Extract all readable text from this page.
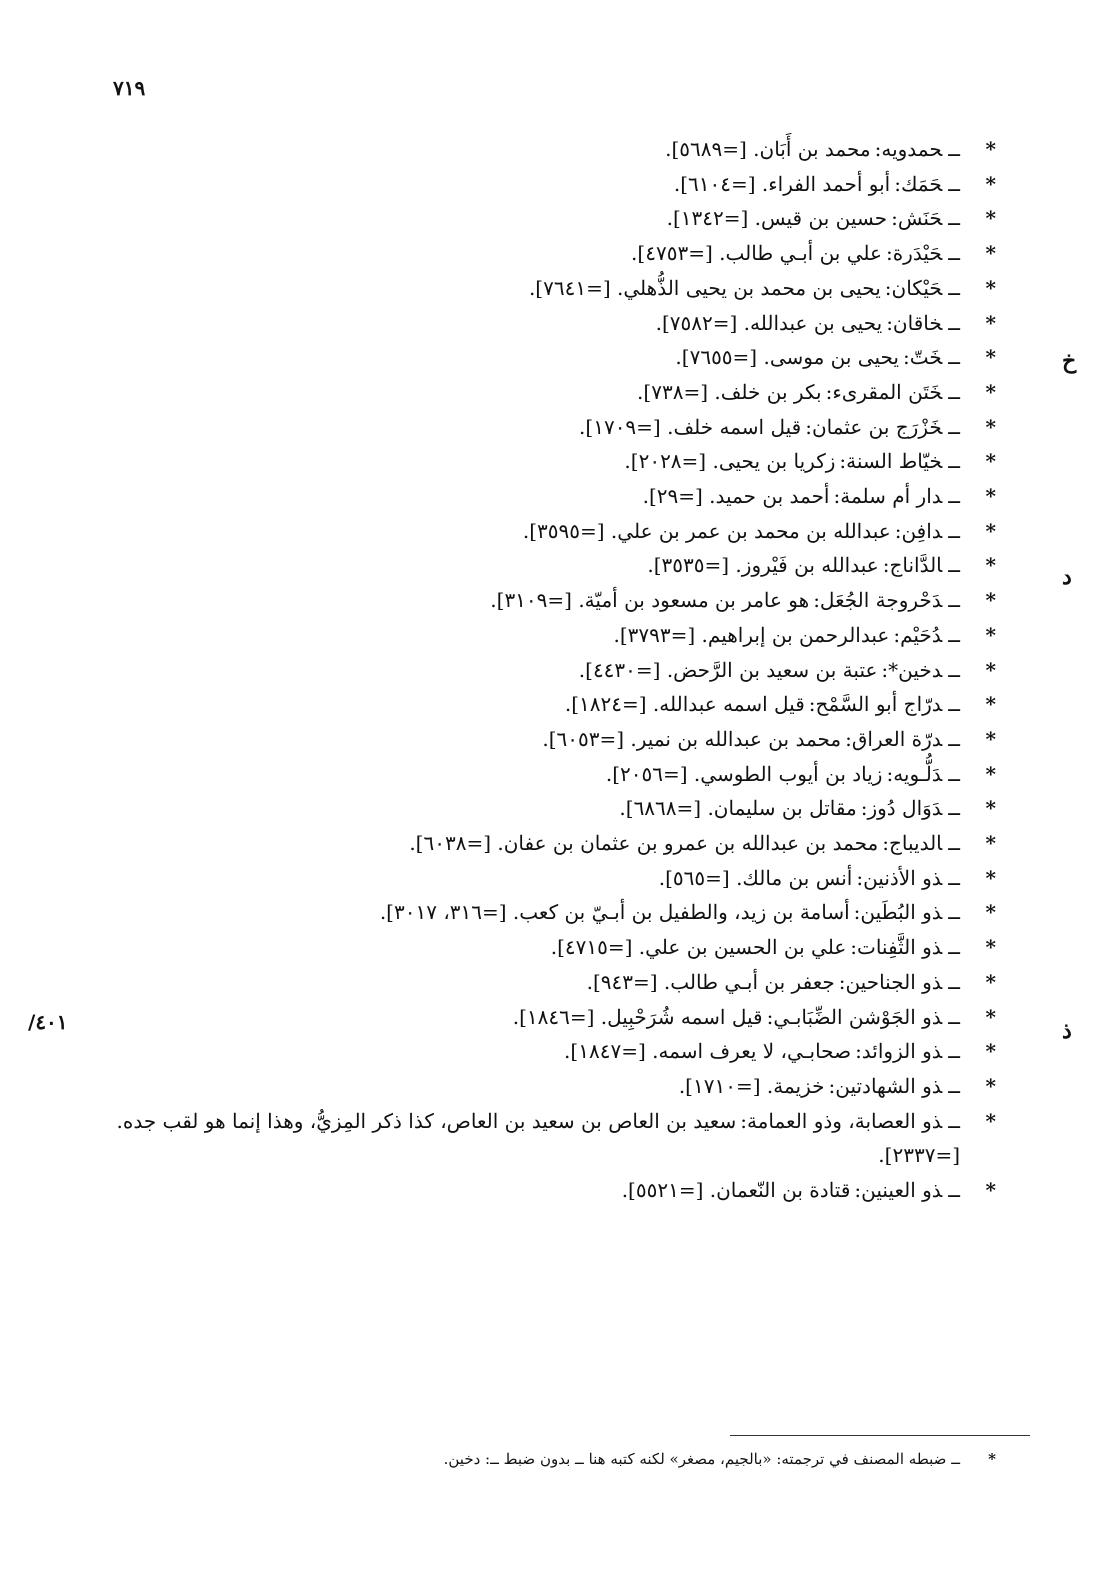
٧١٩
خ
د
ذ
/٤٠١
*
ــحمدويه:محمد بن أَبَان. [=٥٦٨٩].
*
ــحَمَك:أبو أحمد الفراء. [=٦١٠٤].
*
ــحَنَش:حسين بن قيس. [=١٣٤٢].
*
ــحَيْدَرة:علي بن أبـي طالب. [=٤٧٥٣].
*
ــحَيْكان:يحيى بن محمد بن يحيى الذُّهلي. [=٧٦٤١].
*
ــخاقان:يحيى بن عبدالله. [=٧٥٨٢].
*
ــخَتّ:يحيى بن موسى. [=٧٦٥٥].
*
ــخَتَن المقرىء:بكر بن خلف. [=٧٣٨].
*
ــخَزْرَج بن عثمان:قيل اسمه خلف. [=١٧٠٩].
*
ــخيّاط السنة:زكريا بن يحيى. [=٢٠٢٨].
*
ــدار أم سلمة:أحمد بن حميد. [=٢٩].
*
ــدافِن:عبدالله بن محمد بن عمر بن علي. [=٣٥٩٥].
*
ــالدَّاناج:عبدالله بن فَيْروز. [=٣٥٣٥].
*
ــدَحْروجة الجُعَل:هو عامر بن مسعود بن أميّة. [=٣١٠٩].
*
ــدُحَيْم:عبدالرحمن بن إبراهيم. [=٣٧٩٣].
*
ــدخين*:عتبة بن سعيد بن الرَّحض. [=٤٤٣٠].
*
ــدرّاج أبو السَّمْح:قيل اسمه عبدالله. [=١٨٢٤].
*
ــدرّة العراق:محمد بن عبدالله بن نمير. [=٦٠٥٣].
*
ــدَلُّـويه:زياد بن أيوب الطوسي. [=٢٠٥٦].
*
ــدَوَال دُوز:مقاتل بن سليمان. [=٦٨٦٨].
*
ــالديباج:محمد بن عبدالله بن عمرو بن عثمان بن عفان. [=٦٠٣٨].
*
ــذو الأذنين:أنس بن مالك. [=٥٦٥].
*
ــذو البُطَين:أسامة بن زيد، والطفيل بن أبـيّ بن كعب. [=٣١٦، ٣٠١٧].
*
ــذو الثَّفِنات:علي بن الحسين بن علي. [=٤٧١٥].
*
ــذو الجناحين:جعفر بن أبـي طالب. [=٩٤٣].
*
ــذو الجَوْشن الضِّبَابـي:قيل اسمه شُرَحْبِيل. [=١٨٤٦].
*
ــذو الزوائد:صحابـي، لا يعرف اسمه. [=١٨٤٧].
*
ــذو الشهادتين:خزيمة. [=١٧١٠].
*
ــذو العصابة، وذو العمامة:سعيد بن العاص بن سعيد بن العاص، كذا ذكر المِزيُّ، وهذا إنما هو لقب جده. [=٢٣٣٧].
*
ــذو العينين:قتادة بن النّعمان. [=٥٥٢١].
*
ــ ضبطه المصنف في ترجمته: «بالجيم، مصغر» لكنه كتبه هنا ــ بدون ضبط ــ: دخين.
